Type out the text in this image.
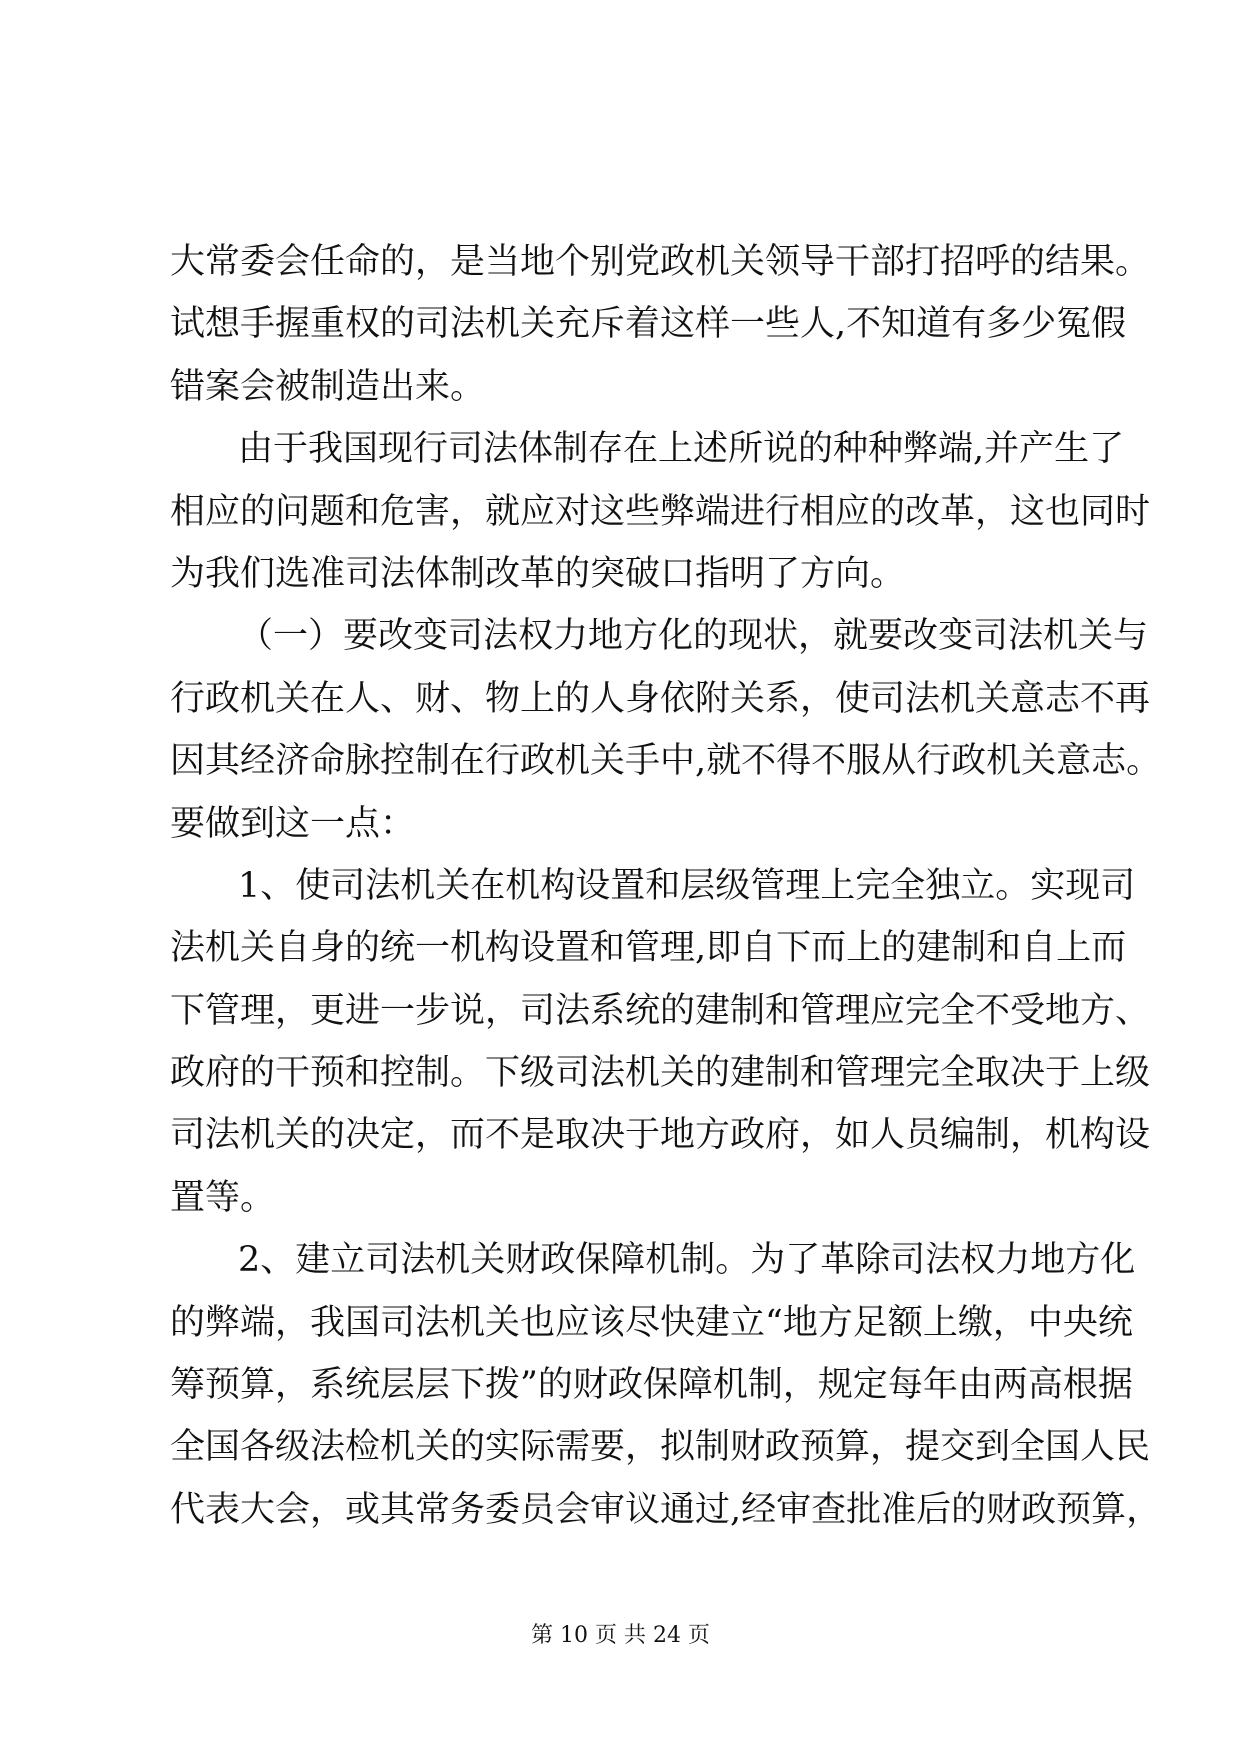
大常委会任命的，是当地个别党政机关领导干部打招呼的结果。
试想手握重权的司法机关充斥着这样一些人,不知道有多少冤假
错案会被制造出来。
由于我国现行司法体制存在上述所说的种种弊端,并产生了
相应的问题和危害，就应对这些弊端进行相应的改革，这也同时
为我们选准司法体制改革的突破口指明了方向。
（一）要改变司法权力地方化的现状，就要改变司法机关与
行政机关在人、财、物上的人身依附关系，使司法机关意志不再
因其经济命脉控制在行政机关手中,就不得不服从行政机关意志。
要做到这一点：
1、使司法机关在机构设置和层级管理上完全独立。实现司
法机关自身的统一机构设置和管理,即自下而上的建制和自上而
下管理，更进一步说，司法系统的建制和管理应完全不受地方、
政府的干预和控制。下级司法机关的建制和管理完全取决于上级
司法机关的决定，而不是取决于地方政府，如人员编制，机构设
置等。
2、建立司法机关财政保障机制。为了革除司法权力地方化
的弊端，我国司法机关也应该尽快建立“地方足额上缴，中央统
筹预算，系统层层下拨”的财政保障机制，规定每年由两高根据
全国各级法检机关的实际需要，拟制财政预算，提交到全国人民
代表大会，或其常务委员会审议通过,经审查批准后的财政预算，
第 10 页 共 24 页
